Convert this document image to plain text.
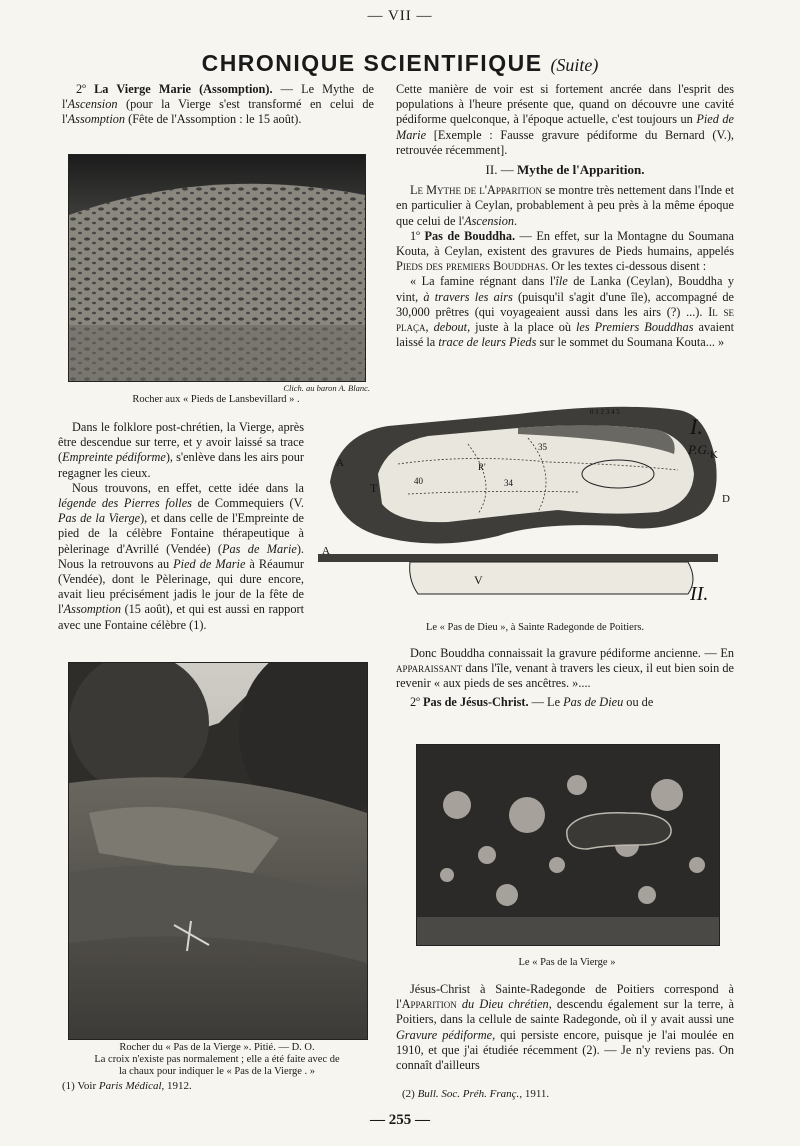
— VII —
CHRONIQUE SCIENTIFIQUE (Suite)

2º La Vierge Marie (Assomption). — Le Mythe de l'Ascension (pour la Vierge s'est transformé en celui de l'Assomption (Fête de l'Assomption : le 15 août).

Clich. au baron A. Blanc.
Rocher aux « Pieds de Lansbevillard » .

Dans le folklore post-chrétien, la Vierge, après être descendue sur terre, et y avoir laissé sa trace (Empreinte pédiforme), s'enlève dans les airs pour regagner les cieux.

Nous trouvons, en effet, cette idée dans la légende des Pierres folles de Commequiers (V. Pas de la Vierge), et dans celle de l'Empreinte de pied de la célèbre Fontaine thérapeutique à pèlerinage d'Avrillé (Vendée) (Pas de Marie). Nous la retrouvons au Pied de Marie à Réaumur (Vendée), dont le Pèlerinage, qui dure encore, avait lieu précisément jadis le jour de la fête de l'Assomption (15 août), et qui est aussi en rapport avec une Fontaine célèbre (1).

Rocher du « Pas de la Vierge ». Pitié. — D. O.
La croix n'existe pas normalement ; elle a été faite avec de
la chaux pour indiquer le « Pas de la Vierge . »
(1) Voir Paris Médical, 1912.

Cette manière de voir est si fortement ancrée dans l'esprit des populations à l'heure présente que, quand on découvre une cavité pédiforme quelconque, à l'époque actuelle, c'est toujours un Pied de Marie [Exemple : Fausse gravure pédiforme du Bernard (V.), retrouvée récemment].

II. — Mythe de l'Apparition.

Le Mythe de l'Apparition se montre très nettement dans l'Inde et en particulier à Ceylan, probablement à peu près à la même époque que celui de l'Ascension.

1º Pas de Bouddha. — En effet, sur la Montagne du Soumana Kouta, à Ceylan, existent des gravures de Pieds humains, appelés Pieds des premiers Bouddhas. Or les textes ci-dessous disent :

« La famine régnant dans l'île de Lanka (Ceylan), Bouddha y vint, à travers les airs (puisqu'il s'agit d'une île), accompagné de 30,000 prêtres (qui voyageaient aussi dans les airs (?) ...). Il se plaça, debout, juste à la place où les Premiers Bouddhas avaient laissé la trace de leurs Pieds sur le sommet du Soumana Kouta... »

A
K
D
T	40
35
34
R'
I.
P.G.
0 1 2 3 4 5
V
A
II.
Le « Pas de Dieu », à Sainte Radegonde de Poitiers.

Donc Bouddha connaissait la gravure pédiforme ancienne. — En apparaissant dans l'île, venant à travers les cieux, il eut bien soin de revenir « aux pieds de ses ancêtres. »....

2º Pas de Jésus-Christ. — Le Pas de Dieu ou de

Le « Pas de la Vierge »

Jésus-Christ à Sainte-Radegonde de Poitiers correspond à l'Apparition du Dieu chrétien, descendu également sur la terre, à Poitiers, dans la cellule de sainte Radegonde, où il y avait aussi une Gravure pédiforme, qui persiste encore, puisque je l'ai moulée en 1910, et que j'ai étudiée récemment (2). — Je n'y reviens pas. On connaît d'ailleurs

(2) Bull. Soc. Préh. Franç., 1911.
— 255 —
